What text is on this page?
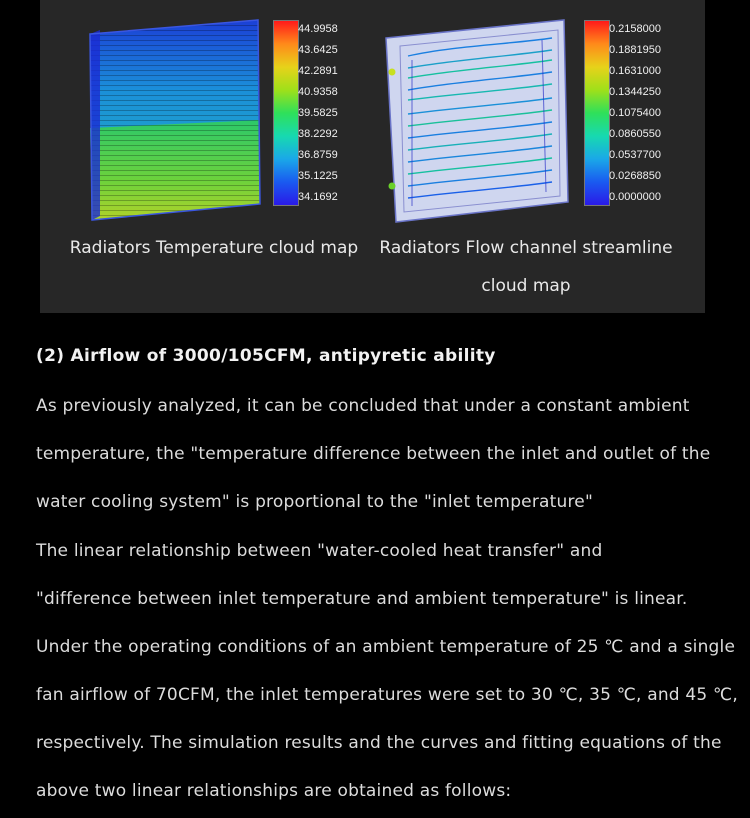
44.9958
43.6425
42.2891
40.9358
39.5825
38.2292
36.8759
35.1225
34.1692
0.2158000
0.1881950
0.1631000
0.1344250
0.1075400
0.0860550
0.0537700
0.0268850
0.0000000
Radiators Temperature cloud map	Radiators Flow channel streamline
cloud map
(2) Airflow of 3000/105CFM, antipyretic ability
As previously analyzed, it can be concluded that under a constant ambient
temperature, the "temperature difference between the inlet and outlet of the
water cooling system" is proportional to the "inlet temperature"
The linear relationship between "water-cooled heat transfer" and
"difference between inlet temperature and ambient temperature" is linear.
Under the operating conditions of an ambient temperature of 25 ℃ and a single
fan airflow of 70CFM, the inlet temperatures were set to 30 ℃, 35 ℃, and 45 ℃,
respectively. The simulation results and the curves and fitting equations of the
above two linear relationships are obtained as follows:
